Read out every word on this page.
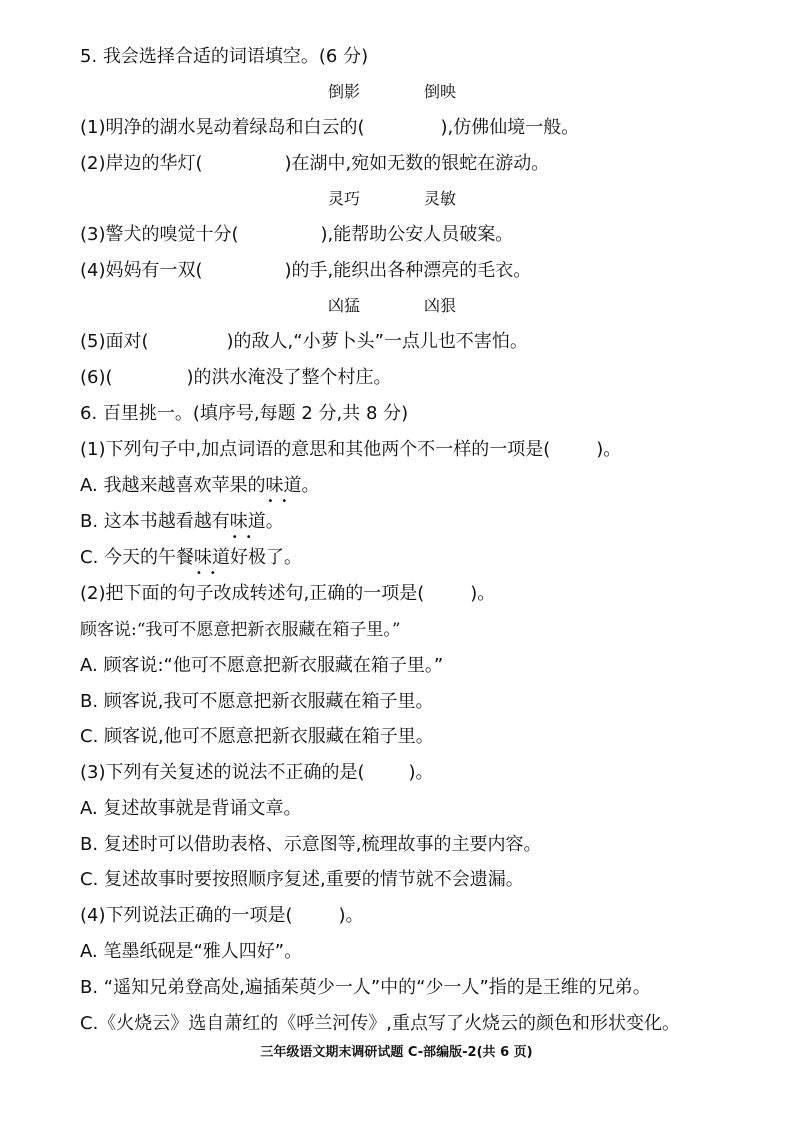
5. 我会选择合适的词语填空。(6 分)
倒影	倒映
(1)明净的湖水晃动着绿岛和白云的(	),仿佛仙境一般。
(2)岸边的华灯(	)在湖中,宛如无数的银蛇在游动。
灵巧	灵敏
(3)警犬的嗅觉十分(	),能帮助公安人员破案。
(4)妈妈有一双(	)的手,能织出各种漂亮的毛衣。
凶猛	凶狠
(5)面对(	)的敌人,“小萝卜头”一点儿也不害怕。
(6)(	)的洪水淹没了整个村庄。
6. 百里挑一。(填序号,每题 2 分,共 8 分)
(1)下列句子中,加点词语的意思和其他两个不一样的一项是(	)。
A. 我越来越喜欢苹果的味道 ••。
B. 这本书越看越有味道 ••。
C. 今天的午餐味道 ••好极了。
(2)把下面的句子改成转述句,正确的一项是(	)。
顾客说:“我可不愿意把新衣服藏在箱子里。”
A. 顾客说:“他可不愿意把新衣服藏在箱子里。”
B. 顾客说,我可不愿意把新衣服藏在箱子里。
C. 顾客说,他可不愿意把新衣服藏在箱子里。
(3)下列有关复述的说法不正确的是( )。
A. 复述故事就是背诵文章。
B. 复述时可以借助表格、示意图等,梳理故事的主要内容。
C. 复述故事时要按照顺序复述,重要的情节就不会遗漏。
(4)下列说法正确的一项是(	)。
A. 笔墨纸砚是“雅人四好”。
B. “遥知兄弟登高处,遍插茱萸少一人”中的“少一人”指的是王维的兄弟。
C.《火烧云》选自萧红的《呼兰河传》,重点写了火烧云的颜色和形状变化。
三年级语文期末调研试题 C-部编版-2(共 6 页)
